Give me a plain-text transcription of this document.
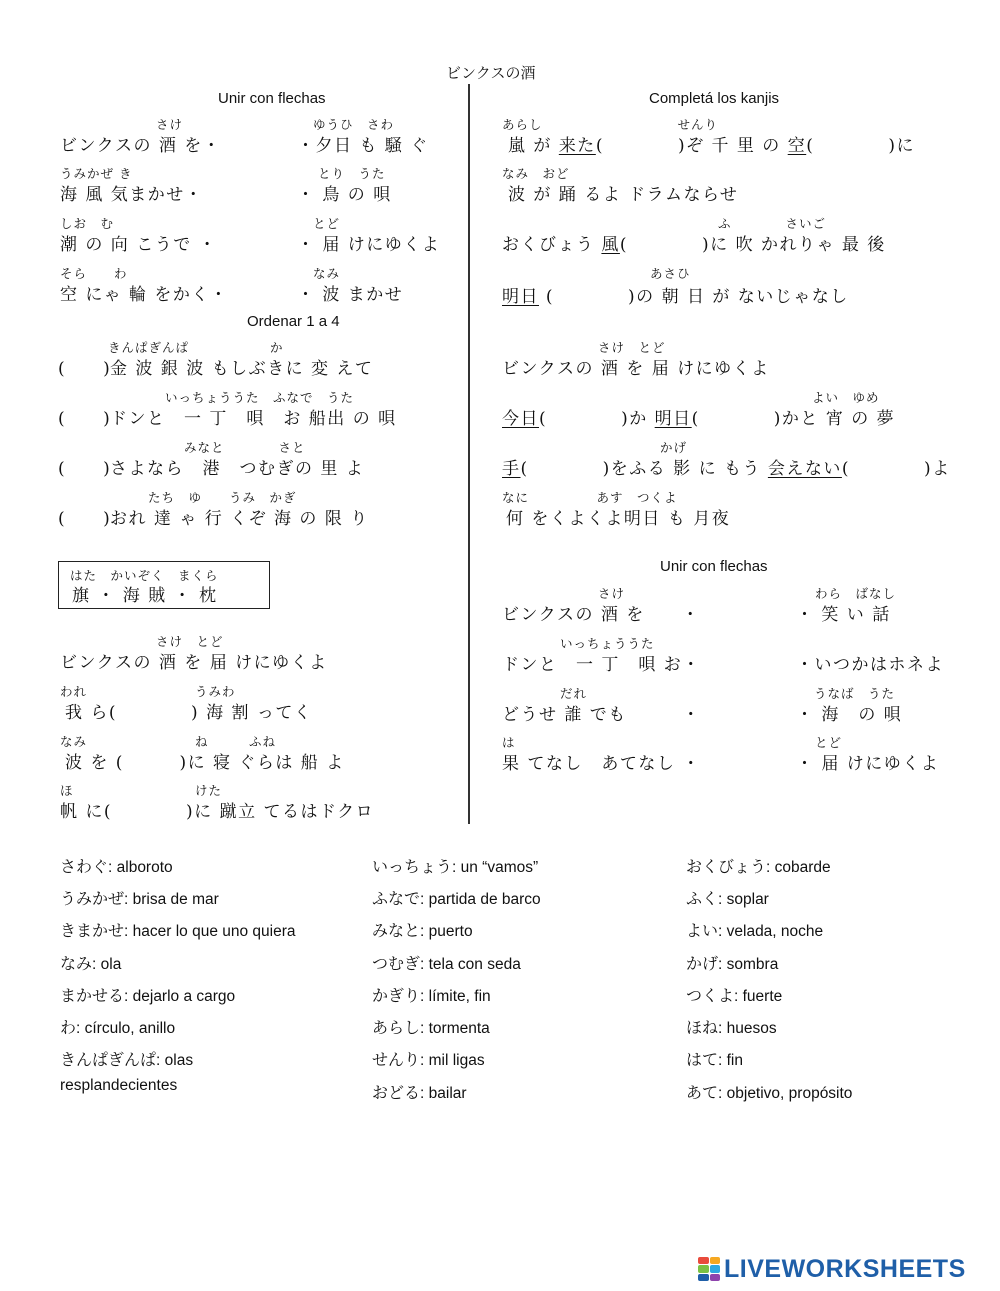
ビンクスの酒
Unir con flechas
さけ
ビンクスの 酒 を・
ゆうひ　さわ
・夕日 も 騒 ぐ
うみかぜ き
海 風 気まかせ・
とり　うた
・ 鳥 の 唄
しお　む
潮 の 向 こうで ・
とど
・ 届 けにゆくよ
そら　　わ
空 にゃ 輪 をかく・
なみ
・ 波 まかせ
Ordenar 1 a 4
きんぱぎんぱ　　　　　　か
(　　)
金 波 銀 波 もしぶきに 変 えて
いっちょううた　ふなで　うた
(　　)
ドンと　一 丁　唄　お 船出 の 唄
みなと　　　　さと
(　　)
さよなら　港　つむぎの 里 よ
たち　ゆ　　うみ　かぎ
(　　)
おれ 達 ゃ 行 くぞ 海 の 限 り
はた　かいぞく　まくら
旗 ・ 海 賊 ・ 枕
さけ　とど
ビンクスの 酒 を 届 けにゆくよ
われ　　　　　　　　うみわ
我 ら(　　　　) 海 割 ってく
なみ　　　　　　　　ね　　　ふね
波 を (　　　)に 寝 ぐらは 船 よ
ほ　　　　　　　　　けた
帆 に(　　　　)に 蹴立 てるはドクロ
Completá los kanjis
あらし　　　　　　　　　　せんり
嵐 が 来た(　　　　)ぞ 千 里 の 空(　　　　)に
なみ　おど
波 が 踊 るよ ドラムならせ
ふ　　　　さいご
おくびょう 風(　　　　)に 吹 かれりゃ 最 後
あさひ
明日 (　　　　)の 朝 日 が ないじゃなし
さけ　とど
ビンクスの 酒 を 届 けにゆくよ
よい　ゆめ
今日(　　　　)か 明日(　　　　)かと 宵 の 夢
かげ
手(　　　　)をふる 影 に もう 会えない(　　　　)よ
なに　　　　　あす　つくよ
何 をくよくよ明日 も 月夜
Unir con flechas
さけ
ビンクスの 酒 を　　・
わら　ばなし
・ 笑 い 話
いっちょううた
ドンと　一 丁　唄 お・	・いつかはホネよ
だれ
どうせ 誰 でも　　　・
うなば　うた
・ 海　の 唄
は
果 てなし　あてなし ・
とど
・ 届 けにゆくよ
さわぐ: alboroto
うみかぜ: brisa de mar
きまかせ: hacer lo que uno quiera
なみ: ola
まかせる: dejarlo a cargo
わ: círculo, anillo
きんぱぎんぱ: olas
resplandecientes
いっちょう: un “vamos”
ふなで: partida de barco
みなと: puerto
つむぎ: tela con seda
かぎり: límite, fin
あらし: tormenta
せんり: mil ligas
おどる: bailar
おくびょう: cobarde
ふく: soplar
よい: velada, noche
かげ: sombra
つくよ: fuerte
ほね: huesos
はて: fin
あて: objetivo, propósito
LIVEWORKSHEETS
